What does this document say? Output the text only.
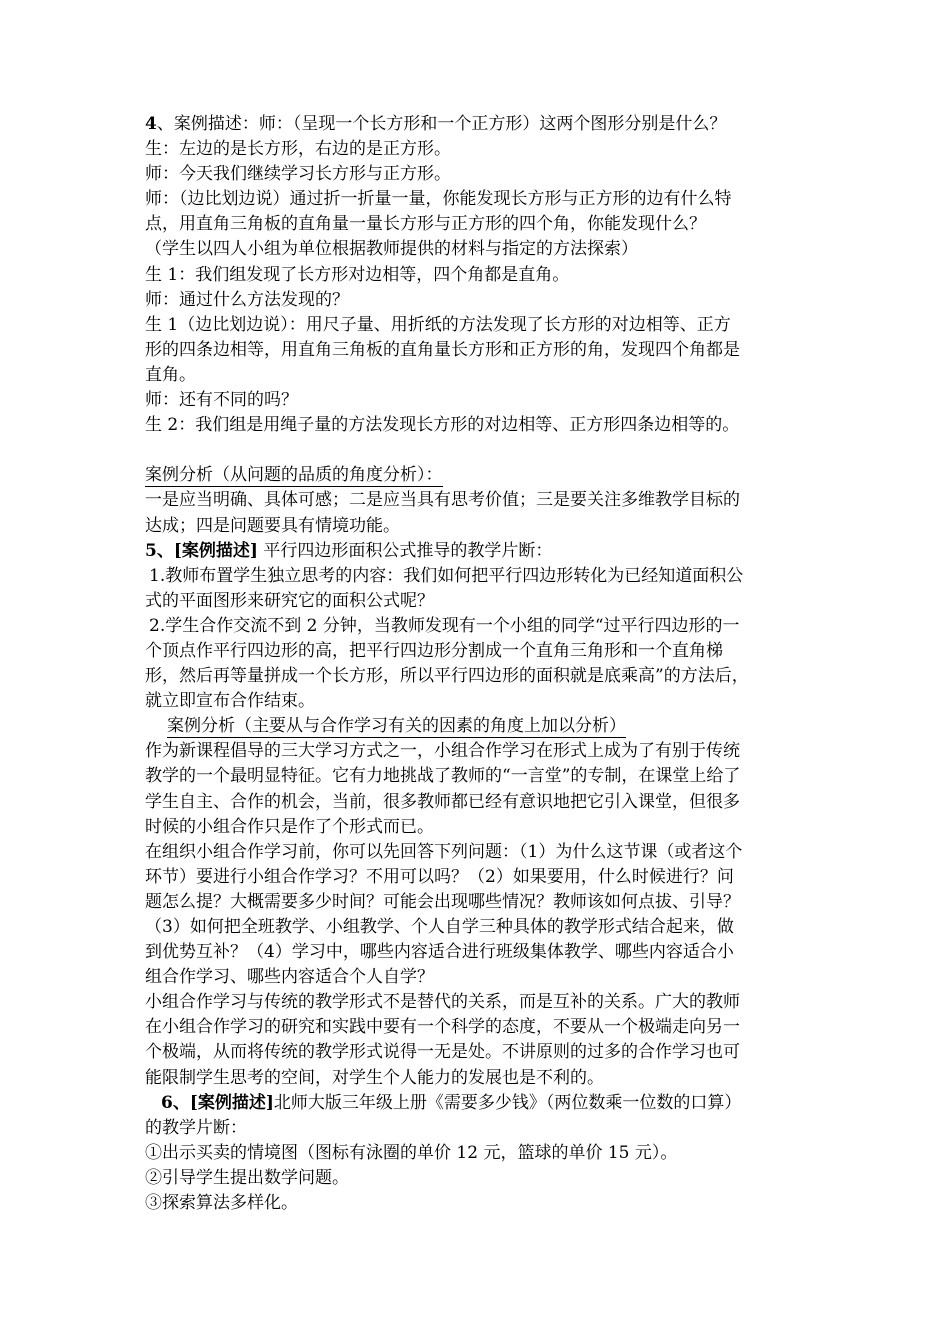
4、案例描述：师：（呈现一个长方形和一个正方形）这两个图形分别是什么？
生：左边的是长方形，右边的是正方形。
师：今天我们继续学习长方形与正方形。
师：（边比划边说）通过折一折量一量，你能发现长方形与正方形的边有什么特
点，用直角三角板的直角量一量长方形与正方形的四个角，你能发现什么？
（学生以四人小组为单位根据教师提供的材料与指定的方法探索）
生 1：我们组发现了长方形对边相等，四个角都是直角。
师：通过什么方法发现的？
生 1（边比划边说）：用尺子量、用折纸的方法发现了长方形的对边相等、正方
形的四条边相等，用直角三角板的直角量长方形和正方形的角，发现四个角都是
直角。
师：还有不同的吗？
生 2：我们组是用绳子量的方法发现长方形的对边相等、正方形四条边相等的。
案例分析（从问题的品质的角度分析）：
一是应当明确、具体可感；二是应当具有思考价值；三是要关注多维教学目标的
达成；四是问题要具有情境功能。
5、[案例描述] 平行四边形面积公式推导的教学片断：
1.教师布置学生独立思考的内容：我们如何把平行四边形转化为已经知道面积公
式的平面图形来研究它的面积公式呢？
2.学生合作交流不到 2 分钟，当教师发现有一个小组的同学“过平行四边形的一
个顶点作平行四边形的高，把平行四边形分割成一个直角三角形和一个直角梯
形，然后再等量拼成一个长方形，所以平行四边形的面积就是底乘高”的方法后，
就立即宣布合作结束。
案例分析（主要从与合作学习有关的因素的角度上加以分析）
作为新课程倡导的三大学习方式之一，小组合作学习在形式上成为了有别于传统
教学的一个最明显特征。它有力地挑战了教师的“一言堂”的专制，在课堂上给了
学生自主、合作的机会，当前，很多教师都已经有意识地把它引入课堂，但很多
时候的小组合作只是作了个形式而已。
在组织小组合作学习前，你可以先回答下列问题：（1）为什么这节课（或者这个
环节）要进行小组合作学习？不用可以吗？（2）如果要用，什么时候进行？问
题怎么提？大概需要多少时间？可能会出现哪些情况？教师该如何点拔、引导？
（3）如何把全班教学、小组教学、个人自学三种具体的教学形式结合起来，做
到优势互补？（4）学习中，哪些内容适合进行班级集体教学、哪些内容适合小
组合作学习、哪些内容适合个人自学？
小组合作学习与传统的教学形式不是替代的关系，而是互补的关系。广大的教师
在小组合作学习的研究和实践中要有一个科学的态度，不要从一个极端走向另一
个极端，从而将传统的教学形式说得一无是处。不讲原则的过多的合作学习也可
能限制学生思考的空间，对学生个人能力的发展也是不利的。
6、[案例描述]北师大版三年级上册《需要多少钱》（两位数乘一位数的口算）
的教学片断：
①出示买卖的情境图（图标有泳圈的单价 12 元，篮球的单价 15 元）。
②引导学生提出数学问题。
③探索算法多样化。
